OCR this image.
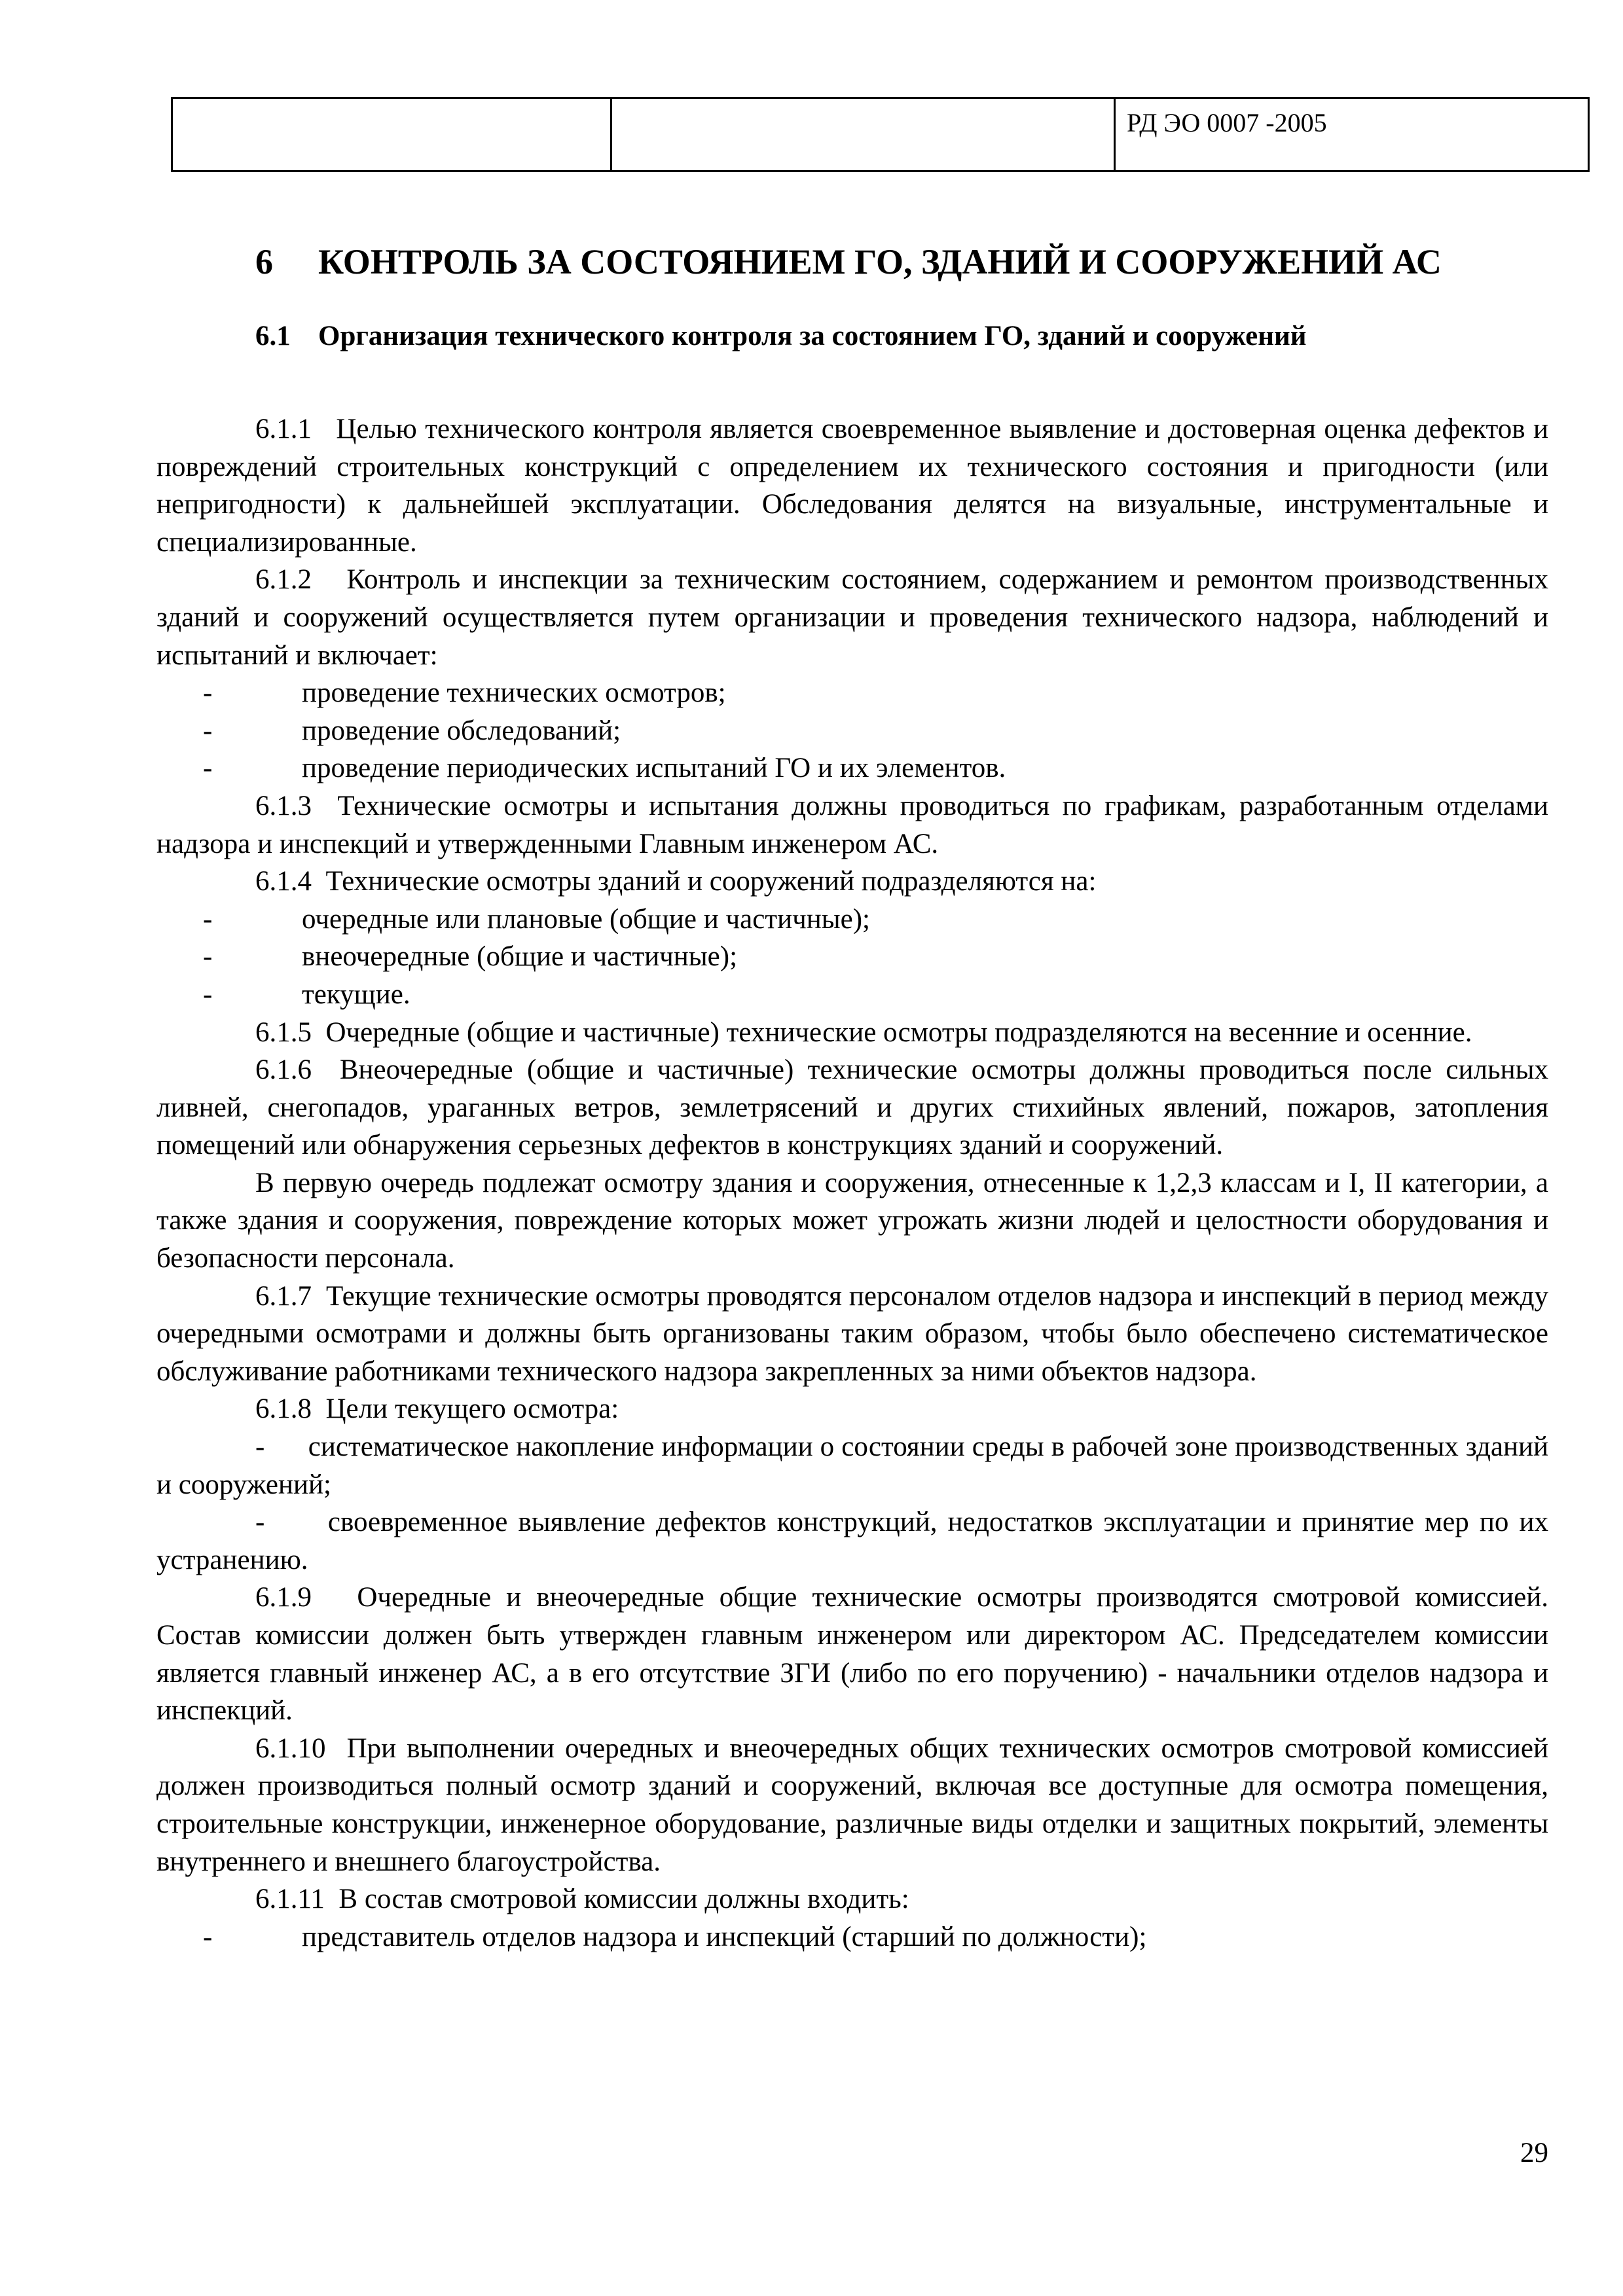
		РД ЭО 0007 -2005
6 КОНТРОЛЬ ЗА СОСТОЯНИЕМ ГО, ЗДАНИЙ И СООРУЖЕНИЙ АС
6.1 Организация технического контроля за состоянием ГО, зданий и сооружений

6.1.1 Целью технического контроля является своевременное выявление и достоверная оценка дефектов и повреждений строительных конструкций с определением их технического состояния и пригодности (или непригодности) к дальнейшей эксплуатации. Обследования делятся на визуальные, инструментальные и специализированные.

6.1.2 Контроль и инспекции за техническим состоянием, содержанием и ремонтом производственных зданий и сооружений осуществляется путем организации и проведения технического надзора, наблюдений и испытаний и включает:

-	проведение технических осмотров;

-	проведение обследований;

-	проведение периодических испытаний ГО и их элементов.

6.1.3 Технические осмотры и испытания должны проводиться по графикам, разработанным отделами надзора и инспекций и утвержденными Главным инженером АС.

6.1.4 Технические осмотры зданий и сооружений подразделяются на:

-	очередные или плановые (общие и частичные);

-	внеочередные (общие и частичные);

-	текущие.

6.1.5 Очередные (общие и частичные) технические осмотры подразделяются на весенние и осенние.

6.1.6 Внеочередные (общие и частичные) технические осмотры должны проводиться после сильных ливней, снегопадов, ураганных ветров, землетрясений и других стихийных явлений, пожаров, затопления помещений или обнаружения серьезных дефектов в конструкциях зданий и сооружений.

В первую очередь подлежат осмотру здания и сооружения, отнесенные к 1,2,3 классам и I, II категории, а также здания и сооружения, повреждение которых может угрожать жизни людей и целостности оборудования и безопасности персонала.

6.1.7 Текущие технические осмотры проводятся персоналом отделов надзора и инспекций в период между очередными осмотрами и должны быть организованы таким образом, чтобы было обеспечено систематическое обслуживание работниками технического надзора закрепленных за ними объектов надзора.

6.1.8 Цели текущего осмотра:

- систематическое накопление информации о состоянии среды в рабочей зоне производственных зданий и сооружений;

- своевременное выявление дефектов конструкций, недостатков эксплуатации и принятие мер по их устранению.

6.1.9 Очередные и внеочередные общие технические осмотры производятся смотровой комиссией. Состав комиссии должен быть утвержден главным инженером или директором АС. Председателем комиссии является главный инженер АС, а в его отсутствие ЗГИ (либо по его поручению) - начальники отделов надзора и инспекций.

6.1.10 При выполнении очередных и внеочередных общих технических осмотров смотровой комиссией должен производиться полный осмотр зданий и сооружений, включая все доступные для осмотра помещения, строительные конструкции, инженерное оборудование, различные виды отделки и защитных покрытий, элементы внутреннего и внешнего благоустройства.

6.1.11 В состав смотровой комиссии должны входить:

-	представитель отделов надзора и инспекций (старший по должности);

29
